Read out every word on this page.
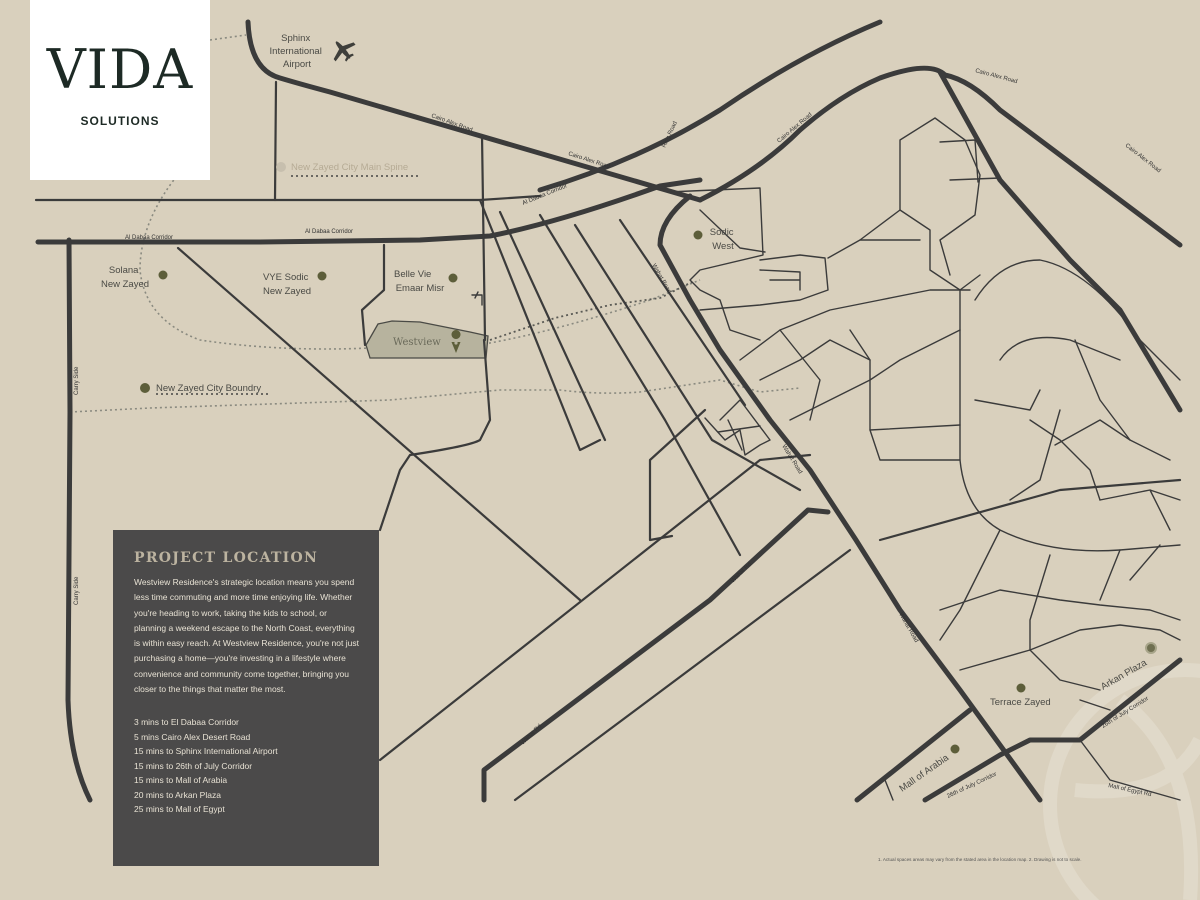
Sphinx International Airport
New Zayed City Main Spine
Solana New Zayed
VYE Sodic New Zayed
Belle Vie Emaar Misr
Sodic West
Westview
New Zayed City Boundry
Terrace Zayed
Arkan Plaza
Mall of Arabia
Cairo Alex Road
Cairo Alex Road
Cairo Alex Road
Cairo Alex Road
Cairo Alex Road
Ring Road
Al Dabaa Corridor
Al Dabaa Corridor
Al Dabaa Corridor
Wahat Road
Wahat Road
Wahat Road
Wahat Rd
Wahat Rd
Carry Side
Carry Side
26th of July Corridor
26th of July Corridor	Mall of Egypt Rd
VIDA
SOLUTIONS
PROJECT LOCATION

Westview Residence's strategic location means you spend less time commuting and more time enjoying life. Whether you're heading to work, taking the kids to school, or planning a weekend escape to the North Coast, everything is within easy reach. At Westview Residence, you're not just purchasing a home—you're investing in a lifestyle where convenience and community come together, bringing you closer to the things that matter the most.

3 mins to El Dabaa Corridor
5 mins Cairo Alex Desert Road
15 mins to Sphinx International Airport
15 mins to 26th of July Corridor
15 mins to Mall of Arabia
20 mins to Arkan Plaza
25 mins to Mall of Egypt
1. Actual spaces areas may vary from the stated area in the location map. 2. Drawing is not to scale.
